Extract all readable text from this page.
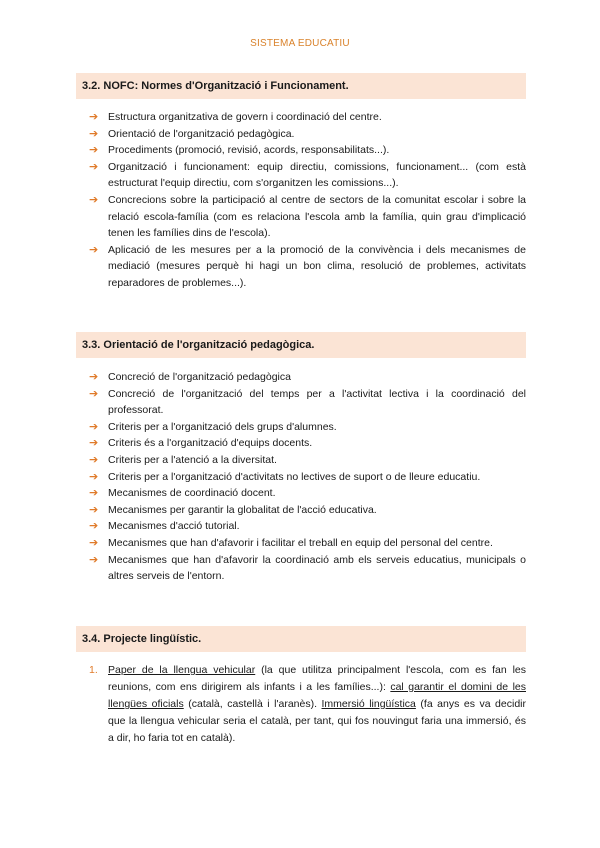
SISTEMA EDUCATIU
3.2. NOFC: Normes d'Organització i Funcionament.
➔ Estructura organitzativa de govern i coordinació del centre.
➔ Orientació de l'organització pedagògica.
➔ Procediments (promoció, revisió, acords, responsabilitats...).
➔ Organització i funcionament: equip directiu, comissions, funcionament... (com està estructurat l'equip directiu, com s'organitzen les comissions...).
➔ Concrecions sobre la participació al centre de sectors de la comunitat escolar i sobre la relació escola-família (com es relaciona l'escola amb la família, quin grau d'implicació tenen les famílies dins de l'escola).
➔ Aplicació de les mesures per a la promoció de la convivència i dels mecanismes de mediació (mesures perquè hi hagi un bon clima, resolució de problemes, activitats reparadores de problemes...).
3.3. Orientació de l'organització pedagògica.
➔ Concreció de l'organització pedagògica
➔ Concreció de l'organització del temps per a l'activitat lectiva i la coordinació del professorat.
➔ Criteris per a l'organització dels grups d'alumnes.
➔ Criteris és a l'organització d'equips docents.
➔ Criteris per a l'atenció a la diversitat.
➔ Criteris per a l'organització d'activitats no lectives de suport o de lleure educatiu.
➔ Mecanismes de coordinació docent.
➔ Mecanismes per garantir la globalitat de l'acció educativa.
➔ Mecanismes d'acció tutorial.
➔ Mecanismes que han d'afavorir i facilitar el treball en equip del personal del centre.
➔ Mecanismes que han d'afavorir la coordinació amb els serveis educatius, municipals o altres serveis de l'entorn.
3.4. Projecte lingüístic.
1. Paper de la llengua vehicular (la que utilitza principalment l'escola, com es fan les reunions, com ens dirigirem als infants i a les famílies...): cal garantir el domini de les llengües oficials (català, castellà i l'aranès). Immersió lingüística (fa anys es va decidir que la llengua vehicular seria el català, per tant, qui fos nouvingut faria una immersió, és a dir, ho faria tot en català).
